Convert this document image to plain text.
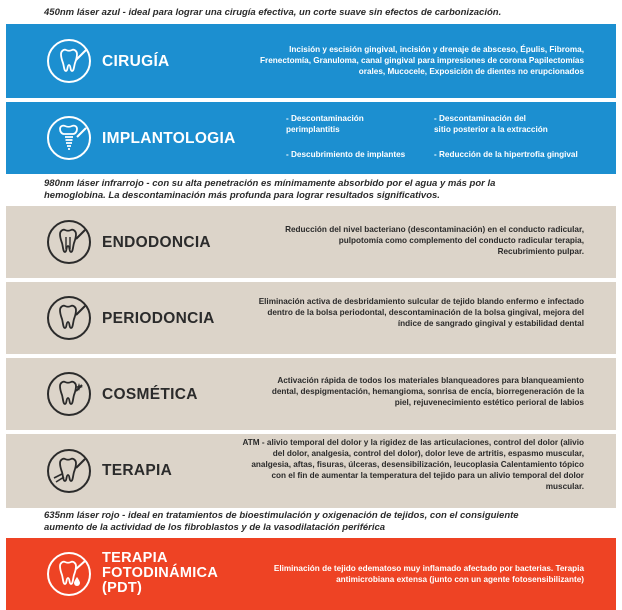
450nm láser azul - ideal para lograr una cirugía efectiva, un corte suave sin efectos de carbonización.
CIRUGÍA
Incisión y escisión gingival, incisión y drenaje de absceso, Épulis, Fibroma, Frenectomía, Granuloma, canal gingival para impresiones de corona Papilectomías orales, Mucocele, Exposición de dientes no erupcionados
IMPLANTOLOGIA
- Descontaminación
perimplantitis
- Descontaminación del
sitio posterior a la extracción
- Descubrimiento de implantes	- Reducción de la hipertrofia gingival
980nm láser infrarrojo - con su alta penetración es mínimamente absorbido por el agua y más por la
hemoglobina. La descontaminación más profunda para lograr resultados significativos.
ENDODONCIA
Reducción del nivel bacteriano (descontaminación) en el conducto radicular, pulpotomía como complemento del conducto radicular terapia, Recubrimiento pulpar.
PERIODONCIA
Eliminación activa de desbridamiento sulcular de tejido blando enfermo e infectado dentro de la bolsa periodontal, descontaminación de la bolsa gingival, mejora del índice de sangrado gingival y estabilidad dental
COSMÉTICA
Activación rápida de todos los materiales blanqueadores para blanqueamiento dental, despigmentación, hemangioma, sonrisa de encía, biorregeneración de la piel, rejuvenecimiento estético perioral de labios
TERAPIA
ATM - alivio temporal del dolor y la rigidez de las articulaciones, control del dolor (alivio del dolor, analgesia, control del dolor), dolor leve de artritis, espasmo muscular, analgesia, aftas, fisuras, úlceras, desensibilización, leucoplasia Calentamiento tópico con el fin de aumentar la temperatura del tejido para un alivio temporal del dolor muscular.
635nm láser rojo - ideal en tratamientos de bioestimulación y oxigenación de tejidos, con el consiguiente
aumento de la actividad de los fibroblastos y de la vasodilatación periférica
TERAPIA
FOTODINÁMICA
(PDT)
Eliminación de tejido edematoso muy inflamado afectado por bacterias. Terapia antimicrobiana extensa (junto con un agente fotosensibilizante)
